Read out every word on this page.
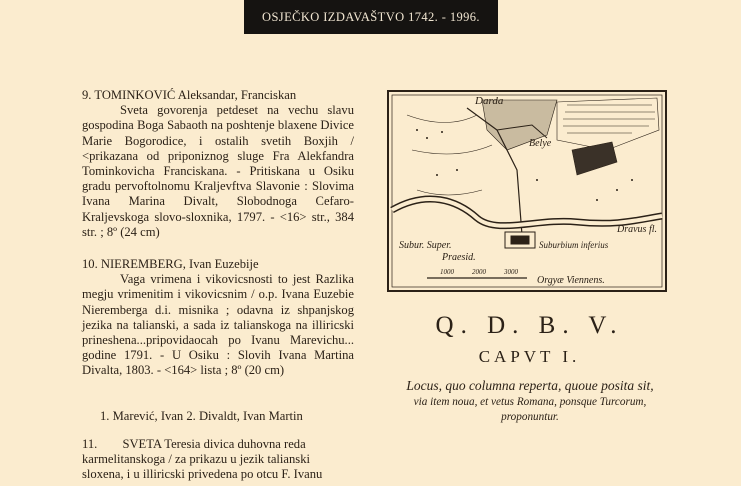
OSJEČKO IZDAVAŠTVO 1742. - 1996.

9. TOMINKOVIĆ Aleksandar, Franciskan

Sveta govorenja petdeset na vechu slavu gospodina Boga Sabaoth na poshtenje blaxene Divice Marie Bogorodice, i ostalih svetih Boxjih / <prikazana od priponiznog sluge Fra Alekfandra Tominkovicha Franciskana. - Pritiskana u Osiku gradu pervoftolnomu Kraljevftva Slavonie : Slovima Ivana Marina Divalt, Slobodnoga Cefaro-Kraljevskoga slovo-sloxnika, 1797. - <16> str., 384 str. ; 8º (24 cm)

10. NIEREMBERG, Ivan Euzebije

Vaga vrimena i vikovicsnosti to jest Razlika megju vrimenitim i vikovicsnim / o.p. Ivana Euzebie Nieremberga d.i. misnika ; odavna iz shpanjskog jezika na talianski, a sada iz talianskoga na illiricski prineshena...pripovidaocah po Ivanu Marevichu... godine 1791. - U Osiku : Slovih Ivana Martina Divalta, 1803. - <164> lista ; 8º (20 cm)

1. Marević, Ivan 2. Divaldt, Ivan Martin

11.        SVETA Teresia divica duhovna reda karmelitanskoga / za prikazu u jezik talianski sloxena, i u illiricski privedena po otcu F. Ivanu

1000	2000	3000
Darda
Belye
Dravus fl.
Subur. Super.
Praesid.
Suburbium inferius
Orgyæ Viennens.
Q. D. B. V.
CAPVT I.
Locus, quo columna reperta, quoue posita sit,
via item noua, et vetus Romana, ponsque Turcorum,
proponuntur.
